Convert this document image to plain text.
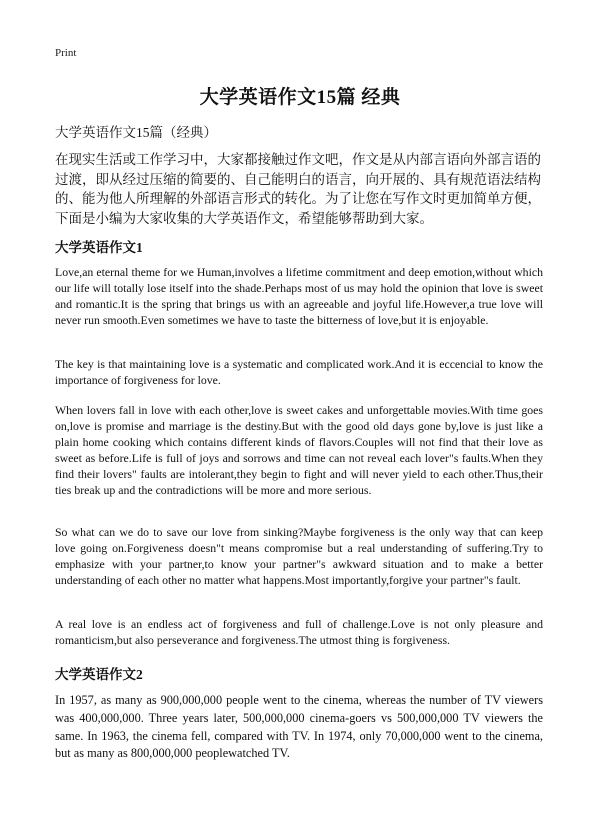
Print
大学英语作文15篇 经典
大学英语作文15篇（经典）
在现实生活或工作学习中，大家都接触过作文吧，作文是从内部言语向外部言语的过渡，即从经过压缩的简要的、自己能明白的语言，向开展的、具有规范语法结构的、能为他人所理解的外部语言形式的转化。为了让您在写作文时更加简单方便，下面是小编为大家收集的大学英语作文，希望能够帮助到大家。
大学英语作文1
Love,an eternal theme for we Human,involves a lifetime commitment and deep emotion,without which our life will totally lose itself into the shade.Perhaps most of us may hold the opinion that love is sweet and romantic.It is the spring that brings us with an agreeable and joyful life.However,a true love will never run smooth.Even sometimes we have to taste the bitterness of love,but it is enjoyable.
The key is that maintaining love is a systematic and complicated work.And it is eccencial to know the importance of forgiveness for love.
When lovers fall in love with each other,love is sweet cakes and unforgettable movies.With time goes on,love is promise and marriage is the destiny.But with the good old days gone by,love is just like a plain home cooking which contains different kinds of flavors.Couples will not find that their love as sweet as before.Life is full of joys and sorrows and time can not reveal each lover"s faults.When they find their lovers" faults are intolerant,they begin to fight and will never yield to each other.Thus,their ties break up and the contradictions will be more and more serious.
So what can we do to save our love from sinking?Maybe forgiveness is the only way that can keep love going on.Forgiveness doesn"t means compromise but a real understanding of suffering.Try to emphasize with your partner,to know your partner"s awkward situation and to make a better understanding of each other no matter what happens.Most importantly,forgive your partner"s fault.
A real love is an endless act of forgiveness and full of challenge.Love is not only pleasure and romanticism,but also perseverance and forgiveness.The utmost thing is forgiveness.
大学英语作文2
In 1957, as many as 900,000,000 people went to the cinema, whereas the number of TV viewers was 400,000,000. Three years later, 500,000,000 cinema-goers vs 500,000,000 TV viewers the same. In 1963, the cinema fell, compared with TV. In 1974, only 70,000,000 went to the cinema, but as many as 800,000,000 peoplewatched TV.
